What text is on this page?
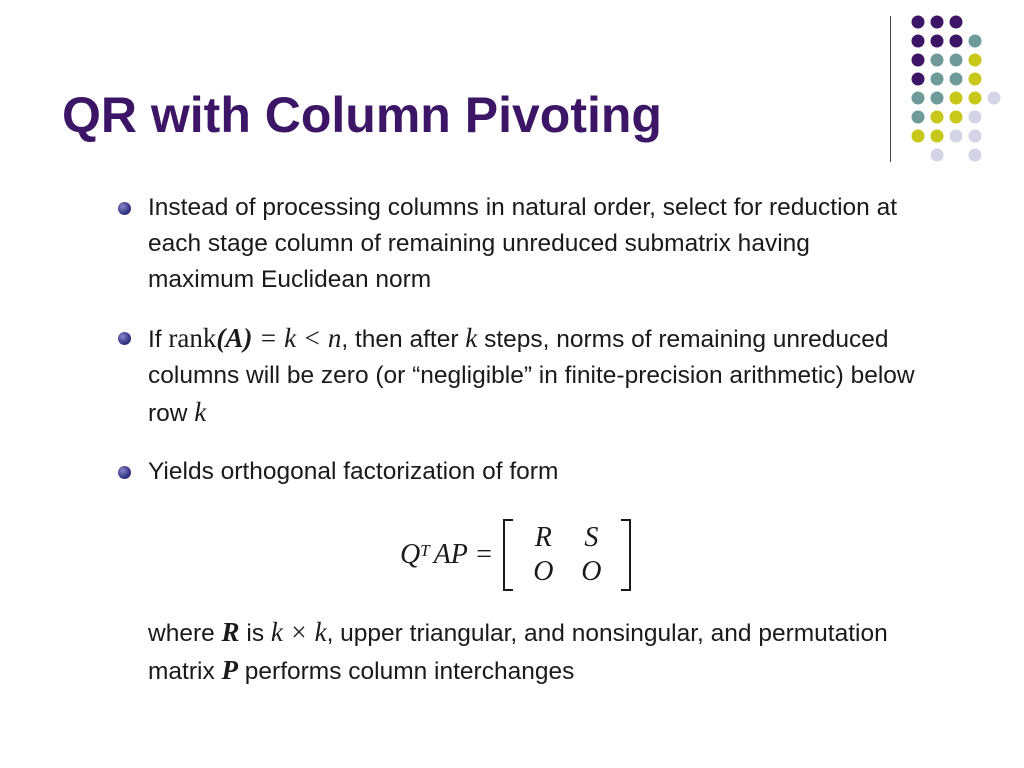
QR with Column Pivoting
Instead of processing columns in natural order, select for reduction at each stage column of remaining unreduced submatrix having maximum Euclidean norm
If rank(A) = k < n, then after k steps, norms of remaining unreduced columns will be zero (or “negligible” in finite-precision arithmetic) below row k
Yields orthogonal factorization of form
$Q^T$ AP =
R	S
O O
where R is k × k, upper triangular, and nonsingular, and permutation matrix P performs column interchanges
